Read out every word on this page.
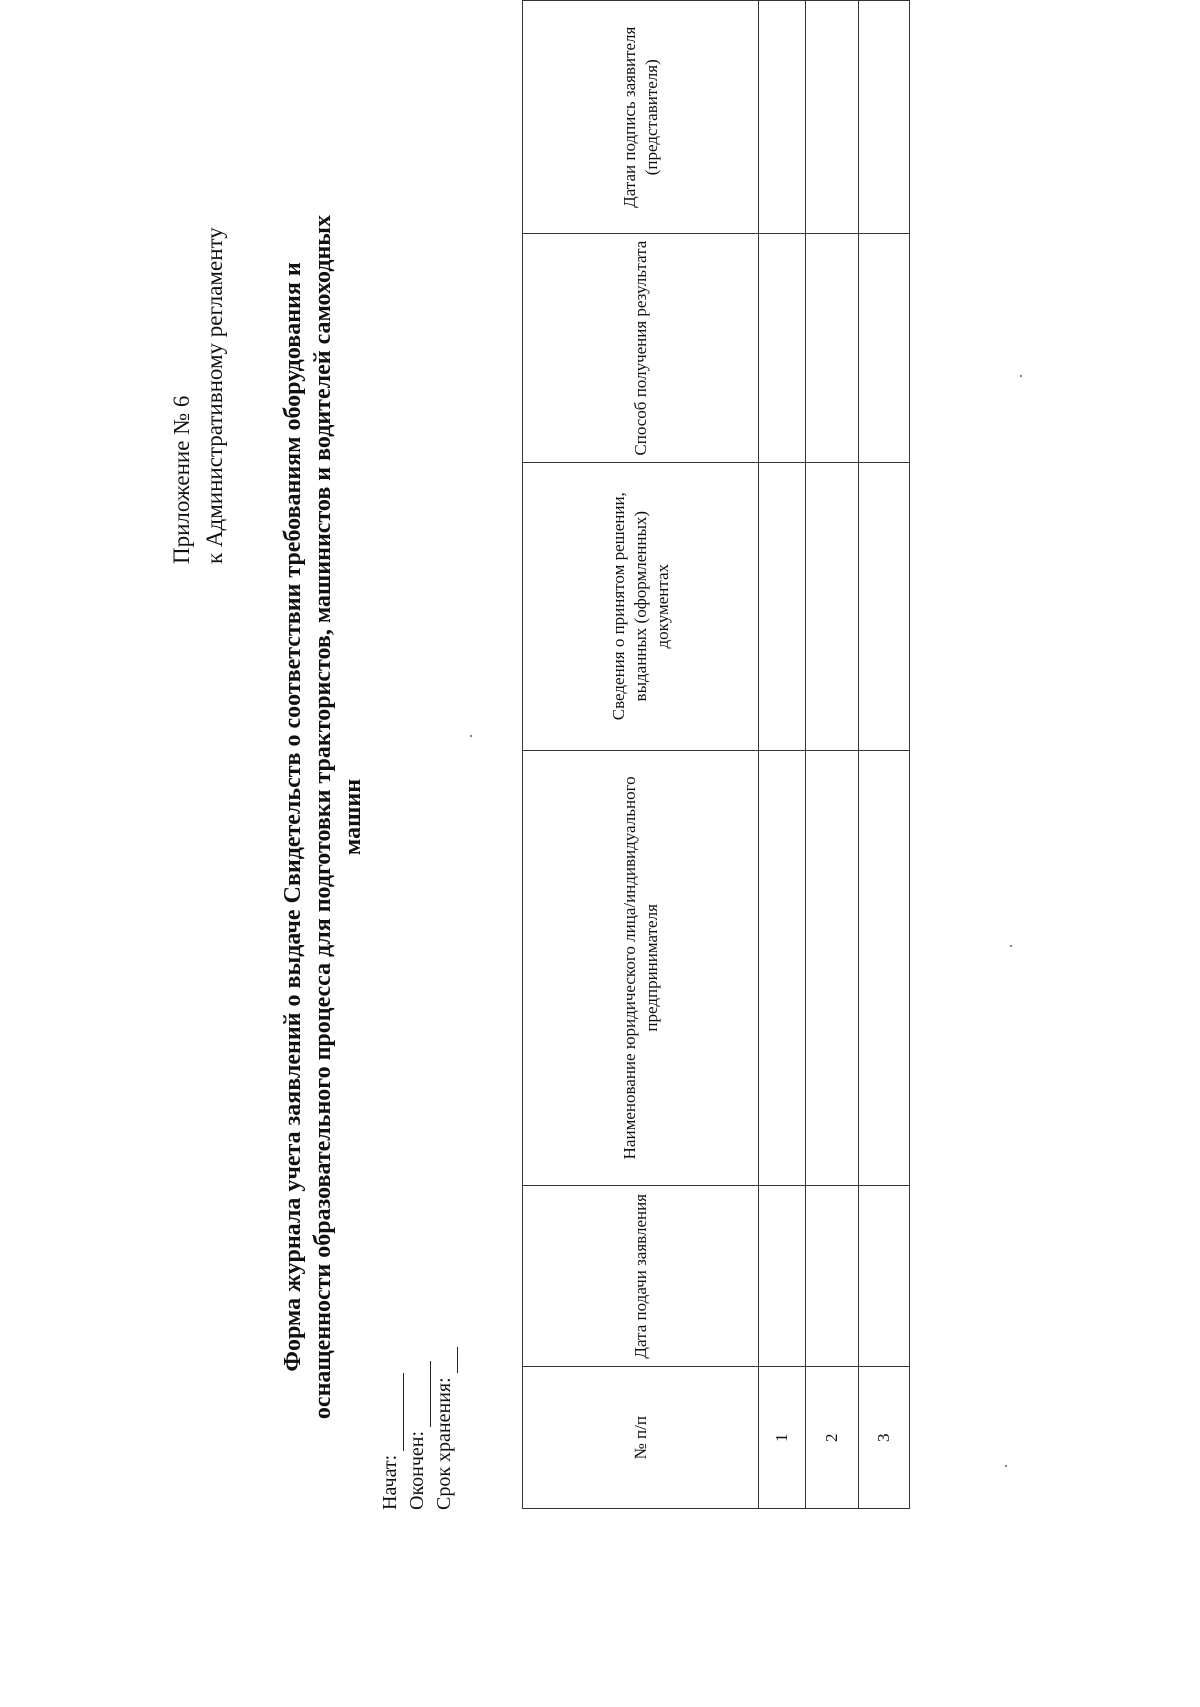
Приложение № 6 к Административному регламенту Форма журнала учета заявлений о выдаче Свидетельств о соответствии требованиям оборудования и оснащенности образовательного процесса для подготовки трактористов, машинистов и водителей самоходных машин
Начат: Окончен: Срок хранения:	№ п/п	Дата подачи заявления	Наименование юридического лица/индивидуального предпринимателя	Сведения о принятом решении, выданных (оформленных) документах	Способ получения результата	Датаи подпись заявителя (представителя)
1					
2					
3					
